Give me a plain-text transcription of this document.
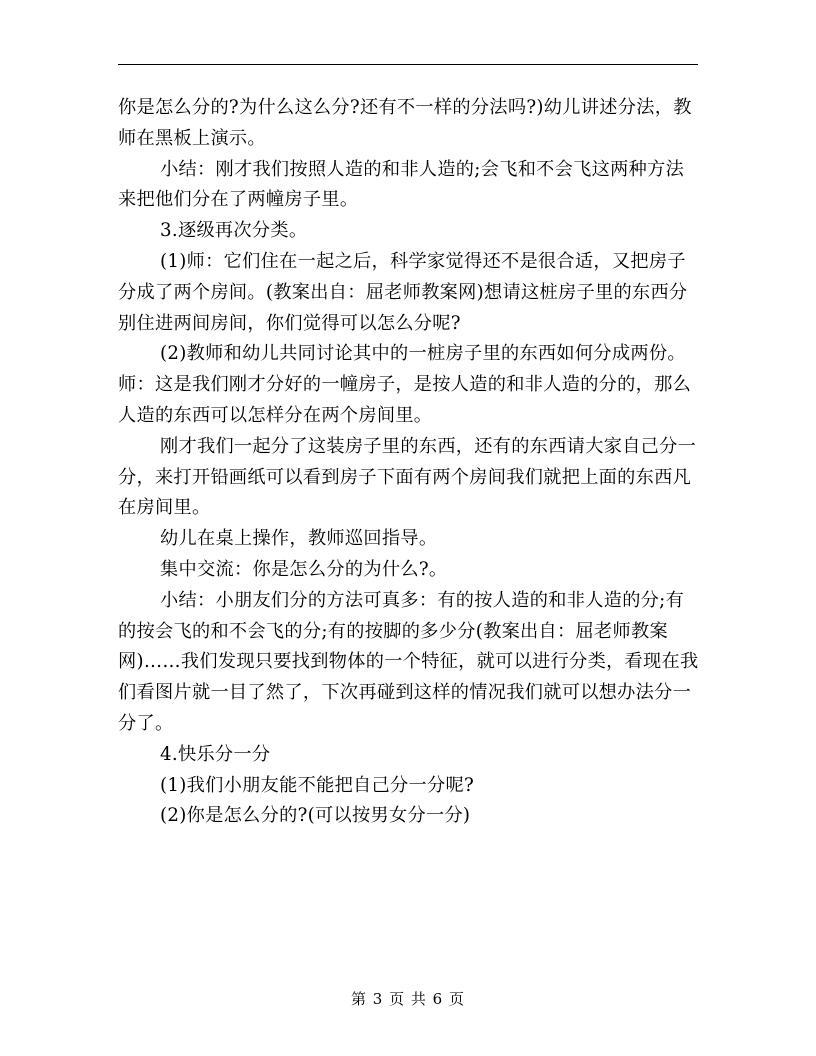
你是怎么分的?为什么这么分?还有不一样的分法吗?)幼儿讲述分法，教师在黑板上演示。

小结：刚才我们按照人造的和非人造的;会飞和不会飞这两种方法来把他们分在了两幢房子里。

3.逐级再次分类。

(1)师：它们住在一起之后，科学家觉得还不是很合适，又把房子分成了两个房间。(教案出自：屈老师教案网)想请这桩房子里的东西分别住进两间房间，你们觉得可以怎么分呢?

(2)教师和幼儿共同讨论其中的一桩房子里的东西如何分成两份。师：这是我们刚才分好的一幢房子，是按人造的和非人造的分的，那么人造的东西可以怎样分在两个房间里。

刚才我们一起分了这装房子里的东西，还有的东西请大家自己分一分，来打开铅画纸可以看到房子下面有两个房间我们就把上面的东西凡在房间里。

幼儿在桌上操作，教师巡回指导。

集中交流：你是怎么分的为什么?。

小结：小朋友们分的方法可真多：有的按人造的和非人造的分;有的按会飞的和不会飞的分;有的按脚的多少分(教案出自：屈老师教案网)……我们发现只要找到物体的一个特征，就可以进行分类，看现在我们看图片就一目了然了，下次再碰到这样的情况我们就可以想办法分一分了。

4.快乐分一分

(1)我们小朋友能不能把自己分一分呢?

(2)你是怎么分的?(可以按男女分一分)

第 3 页 共 6 页
